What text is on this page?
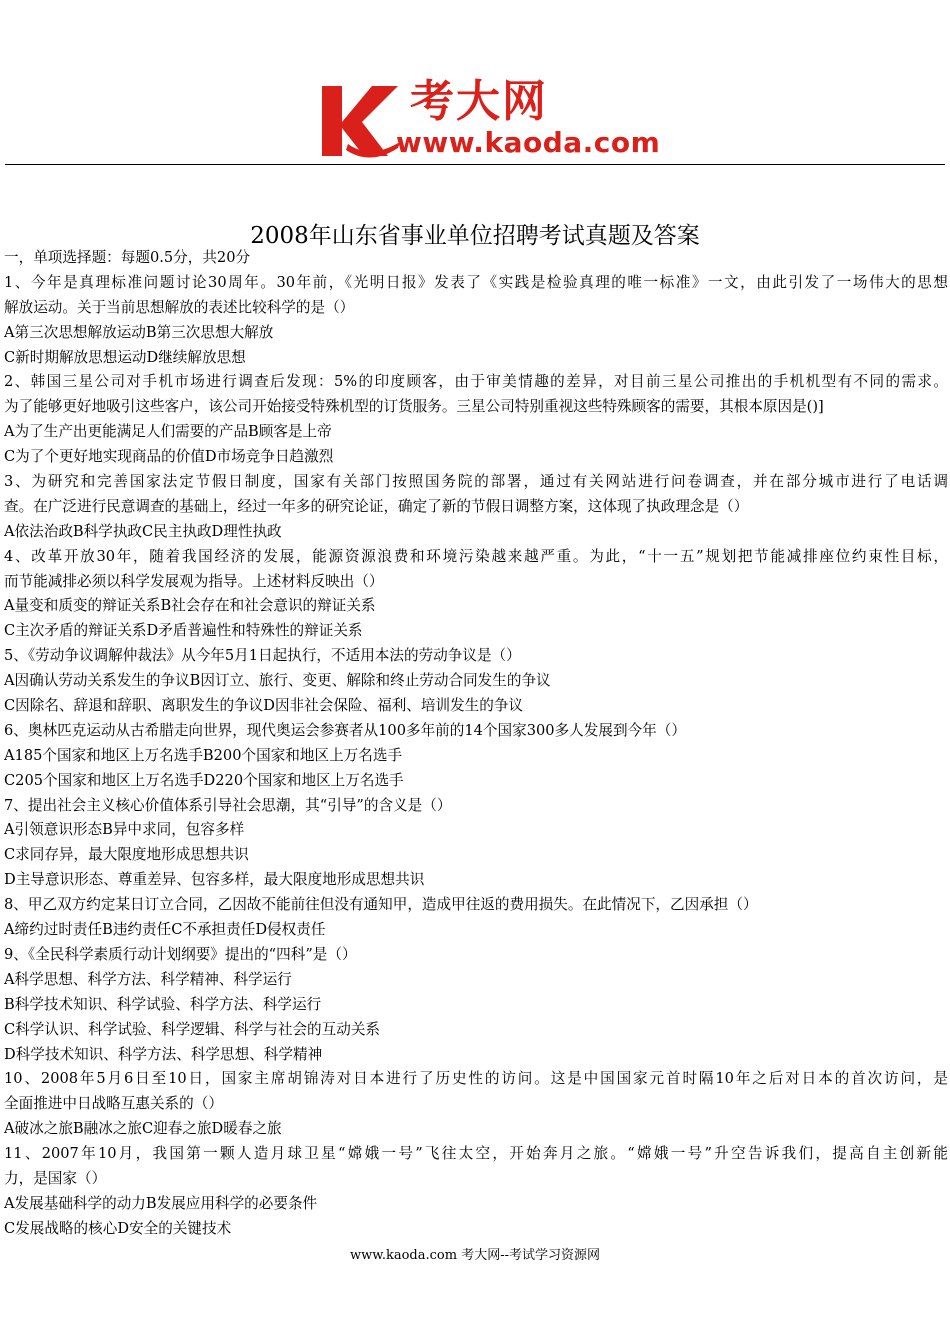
考大网
www.kaoda.com
2008年山东省事业单位招聘考试真题及答案
一，单项选择题：每题0.5分，共20分
1、今年是真理标准问题讨论30周年。30年前，《光明日报》发表了《实践是检验真理的唯一标准》一文，由此引发了一场伟大的思想
解放运动。关于当前思想解放的表述比较科学的是（）
A第三次思想解放运动B第三次思想大解放
C新时期解放思想运动D继续解放思想
2、韩国三星公司对手机市场进行调查后发现：5%的印度顾客，由于审美情趣的差异，对目前三星公司推出的手机机型有不同的需求。
为了能够更好地吸引这些客户，该公司开始接受特殊机型的订货服务。三星公司特别重视这些特殊顾客的需要，其根本原因是()]
A为了生产出更能满足人们需要的产品B顾客是上帝
C为了个更好地实现商品的价值D市场竞争日趋激烈
3、为研究和完善国家法定节假日制度，国家有关部门按照国务院的部署，通过有关网站进行问卷调查，并在部分城市进行了电话调
查。在广泛进行民意调查的基础上，经过一年多的研究论证，确定了新的节假日调整方案，这体现了执政理念是（）
A依法治政B科学执政C民主执政D理性执政
4、改革开放30年，随着我国经济的发展，能源资源浪费和环境污染越来越严重。为此，“十一五”规划把节能减排座位约束性目标，
而节能减排必须以科学发展观为指导。上述材料反映出（）
A量变和质变的辩证关系B社会存在和社会意识的辩证关系
C主次矛盾的辩证关系D矛盾普遍性和特殊性的辩证关系
5、《劳动争议调解仲裁法》从今年5月1日起执行，不适用本法的劳动争议是（）
A因确认劳动关系发生的争议B因订立、旅行、变更、解除和终止劳动合同发生的争议
C因除名、辞退和辞职、离职发生的争议D因非社会保险、福利、培训发生的争议
6、奥林匹克运动从古希腊走向世界，现代奥运会参赛者从100多年前的14个国家300多人发展到今年（）
A185个国家和地区上万名选手B200个国家和地区上万名选手
C205个国家和地区上万名选手D220个国家和地区上万名选手
7、提出社会主义核心价值体系引导社会思潮，其“引导”的含义是（）
A引领意识形态B异中求同，包容多样
C求同存异，最大限度地形成思想共识
D主导意识形态、尊重差异、包容多样，最大限度地形成思想共识
8、甲乙双方约定某日订立合同，乙因故不能前往但没有通知甲，造成甲往返的费用损失。在此情况下，乙因承担（）
A缔约过时责任B违约责任C不承担责任D侵权责任
9、《全民科学素质行动计划纲要》提出的“四科”是（）
A科学思想、科学方法、科学精神、科学运行
B科学技术知识、科学试验、科学方法、科学运行
C科学认识、科学试验、科学逻辑、科学与社会的互动关系
D科学技术知识、科学方法、科学思想、科学精神
10、2008年5月6日至10日，国家主席胡锦涛对日本进行了历史性的访问。这是中国国家元首时隔10年之后对日本的首次访问，是
全面推进中日战略互惠关系的（）
A破冰之旅B融冰之旅C迎春之旅D暖春之旅
11、2007年10月，我国第一颗人造月球卫星“嫦娥一号”飞往太空，开始奔月之旅。“嫦娥一号”升空告诉我们，提高自主创新能
力，是国家（）
A发展基础科学的动力B发展应用科学的必要条件
C发展战略的核心D安全的关键技术
www.kaoda.com 考大网--考试学习资源网
